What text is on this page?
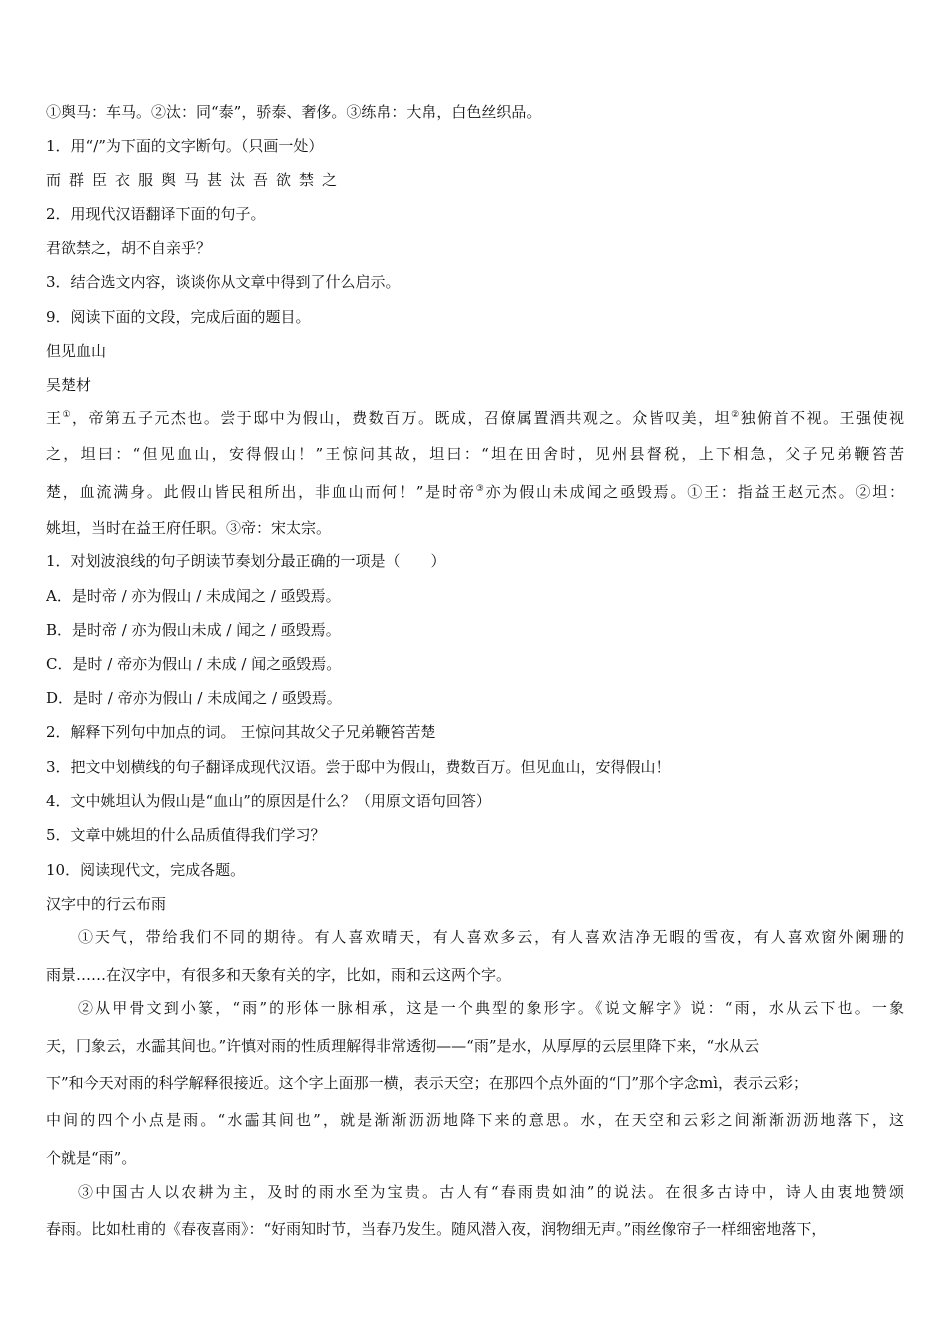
①舆马：车马。②汰：同“泰”，骄泰、奢侈。③练帛：大帛，白色丝织品。
1．用“/”为下面的文字断句。（只画一处）
而群臣衣服舆马甚汰吾欲禁之
2．用现代汉语翻译下面的句子。
君欲禁之，胡不自亲乎？
3．结合选文内容，谈谈你从文章中得到了什么启示。
9．阅读下面的文段，完成后面的题目。
但见血山
吴楚材
王①，帝第五子元杰也。尝于邸中为假山，费数百万。既成，召僚属置酒共观之。众皆叹美，坦②独俯首不视。王强使视
之，坦曰：“但见血山，安得假山！”王惊问其故，坦曰：“坦在田舍时，见州县督税，上下相急，父子兄弟鞭笞苦
楚，血流满身。此假山皆民租所出，非血山而何！”是时帝③亦为假山未成闻之亟毁焉。①王：指益王赵元杰。②坦：
姚坦，当时在益王府任职。③帝：宋太宗。
1．对划波浪线的句子朗读节奏划分最正确的一项是（　　）
A．是时帝 / 亦为假山 / 未成闻之 / 亟毁焉。
B．是时帝 / 亦为假山未成 / 闻之 / 亟毁焉。
C．是时 / 帝亦为假山 / 未成 / 闻之亟毁焉。
D．是时 / 帝亦为假山 / 未成闻之 / 亟毁焉。
2．解释下列句中加点的词。 王惊问其故父子兄弟鞭笞苦楚
3．把文中划横线的句子翻译成现代汉语。尝于邸中为假山，费数百万。但见血山，安得假山！
4．文中姚坦认为假山是“血山”的原因是什么？（用原文语句回答）
5．文章中姚坦的什么品质值得我们学习？
10．阅读现代文，完成各题。
汉字中的行云布雨
①天气，带给我们不同的期待。有人喜欢晴天，有人喜欢多云，有人喜欢洁净无暇的雪夜，有人喜欢窗外阑珊的
雨景……在汉字中，有很多和天象有关的字，比如，雨和云这两个字。
②从甲骨文到小篆，“雨”的形体一脉相承，这是一个典型的象形字。《说文解字》说：“雨，水从云下也。一象
天，冂象云，水霝其间也。”许慎对雨的性质理解得非常透彻——“雨”是水，从厚厚的云层里降下来，“水从云
下”和今天对雨的科学解释很接近。这个字上面那一横，表示天空；在那四个点外面的“冂”那个字念mì，表示云彩；
中间的四个小点是雨。“水霝其间也”，就是渐渐沥沥地降下来的意思。水，在天空和云彩之间渐渐沥沥地落下，这
个就是“雨”。
③中国古人以农耕为主，及时的雨水至为宝贵。古人有“春雨贵如油”的说法。在很多古诗中，诗人由衷地赞颂
春雨。比如杜甫的《春夜喜雨》：“好雨知时节，当春乃发生。随风潜入夜，润物细无声。”雨丝像帘子一样细密地落下，
